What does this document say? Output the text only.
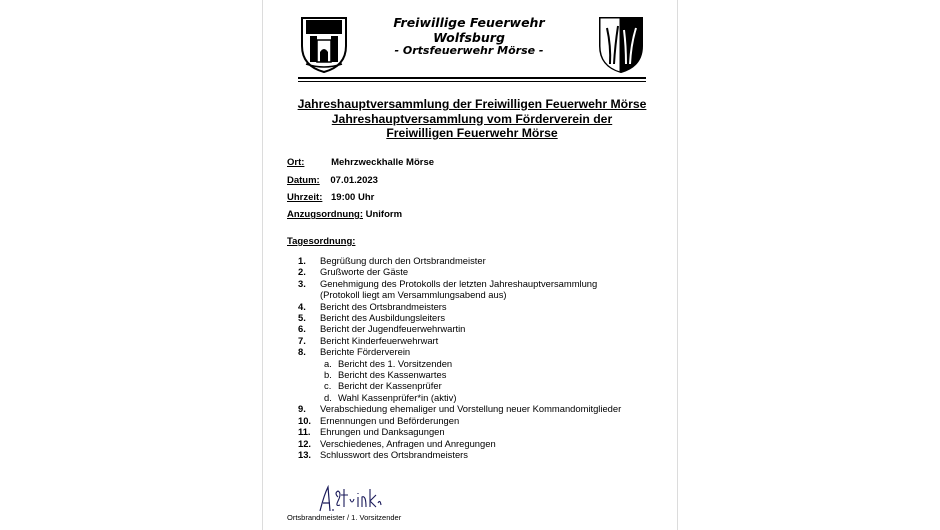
Freiwillige Feuerwehr Wolfsburg
- Ortsfeuerwehr Mörse -
Jahreshauptversammlung der Freiwilligen Feuerwehr Mörse
Jahreshauptversammlung vom Förderverein der
Freiwilligen Feuerwehr Mörse
Ort:	Mehrzweckhalle Mörse
Datum: 07.01.2023
Uhrzeit: 19:00 Uhr
Anzugsordnung: Uniform
Tagesordnung:
1.	Begrüßung durch den Ortsbrandmeister
2.	Grußworte der Gäste
3.	Genehmigung des Protokolls der letzten Jahreshauptversammlung
(Protokoll liegt am Versammlungsabend aus)
4.	Bericht des Ortsbrandmeisters
5.	Bericht des Ausbildungsleiters
6.	Bericht der Jugendfeuerwehrwartin
7.	Bericht Kinderfeuerwehrwart
8.	Berichte Förderverein
a. Bericht des 1. Vorsitzenden
b. Bericht des Kassenwartes
c. Bericht der Kassenprüfer
d. Wahl Kassenprüfer*in (aktiv)
9.	Verabschiedung ehemaliger und Vorstellung neuer Kommandomitglieder
10. Ernennungen und Beförderungen
11.	Ehrungen und Danksagungen
12. Verschiedenes, Anfragen und Anregungen
13. Schlusswort des Ortsbrandmeisters
Ortsbrandmeister / 1. Vorsitzender
